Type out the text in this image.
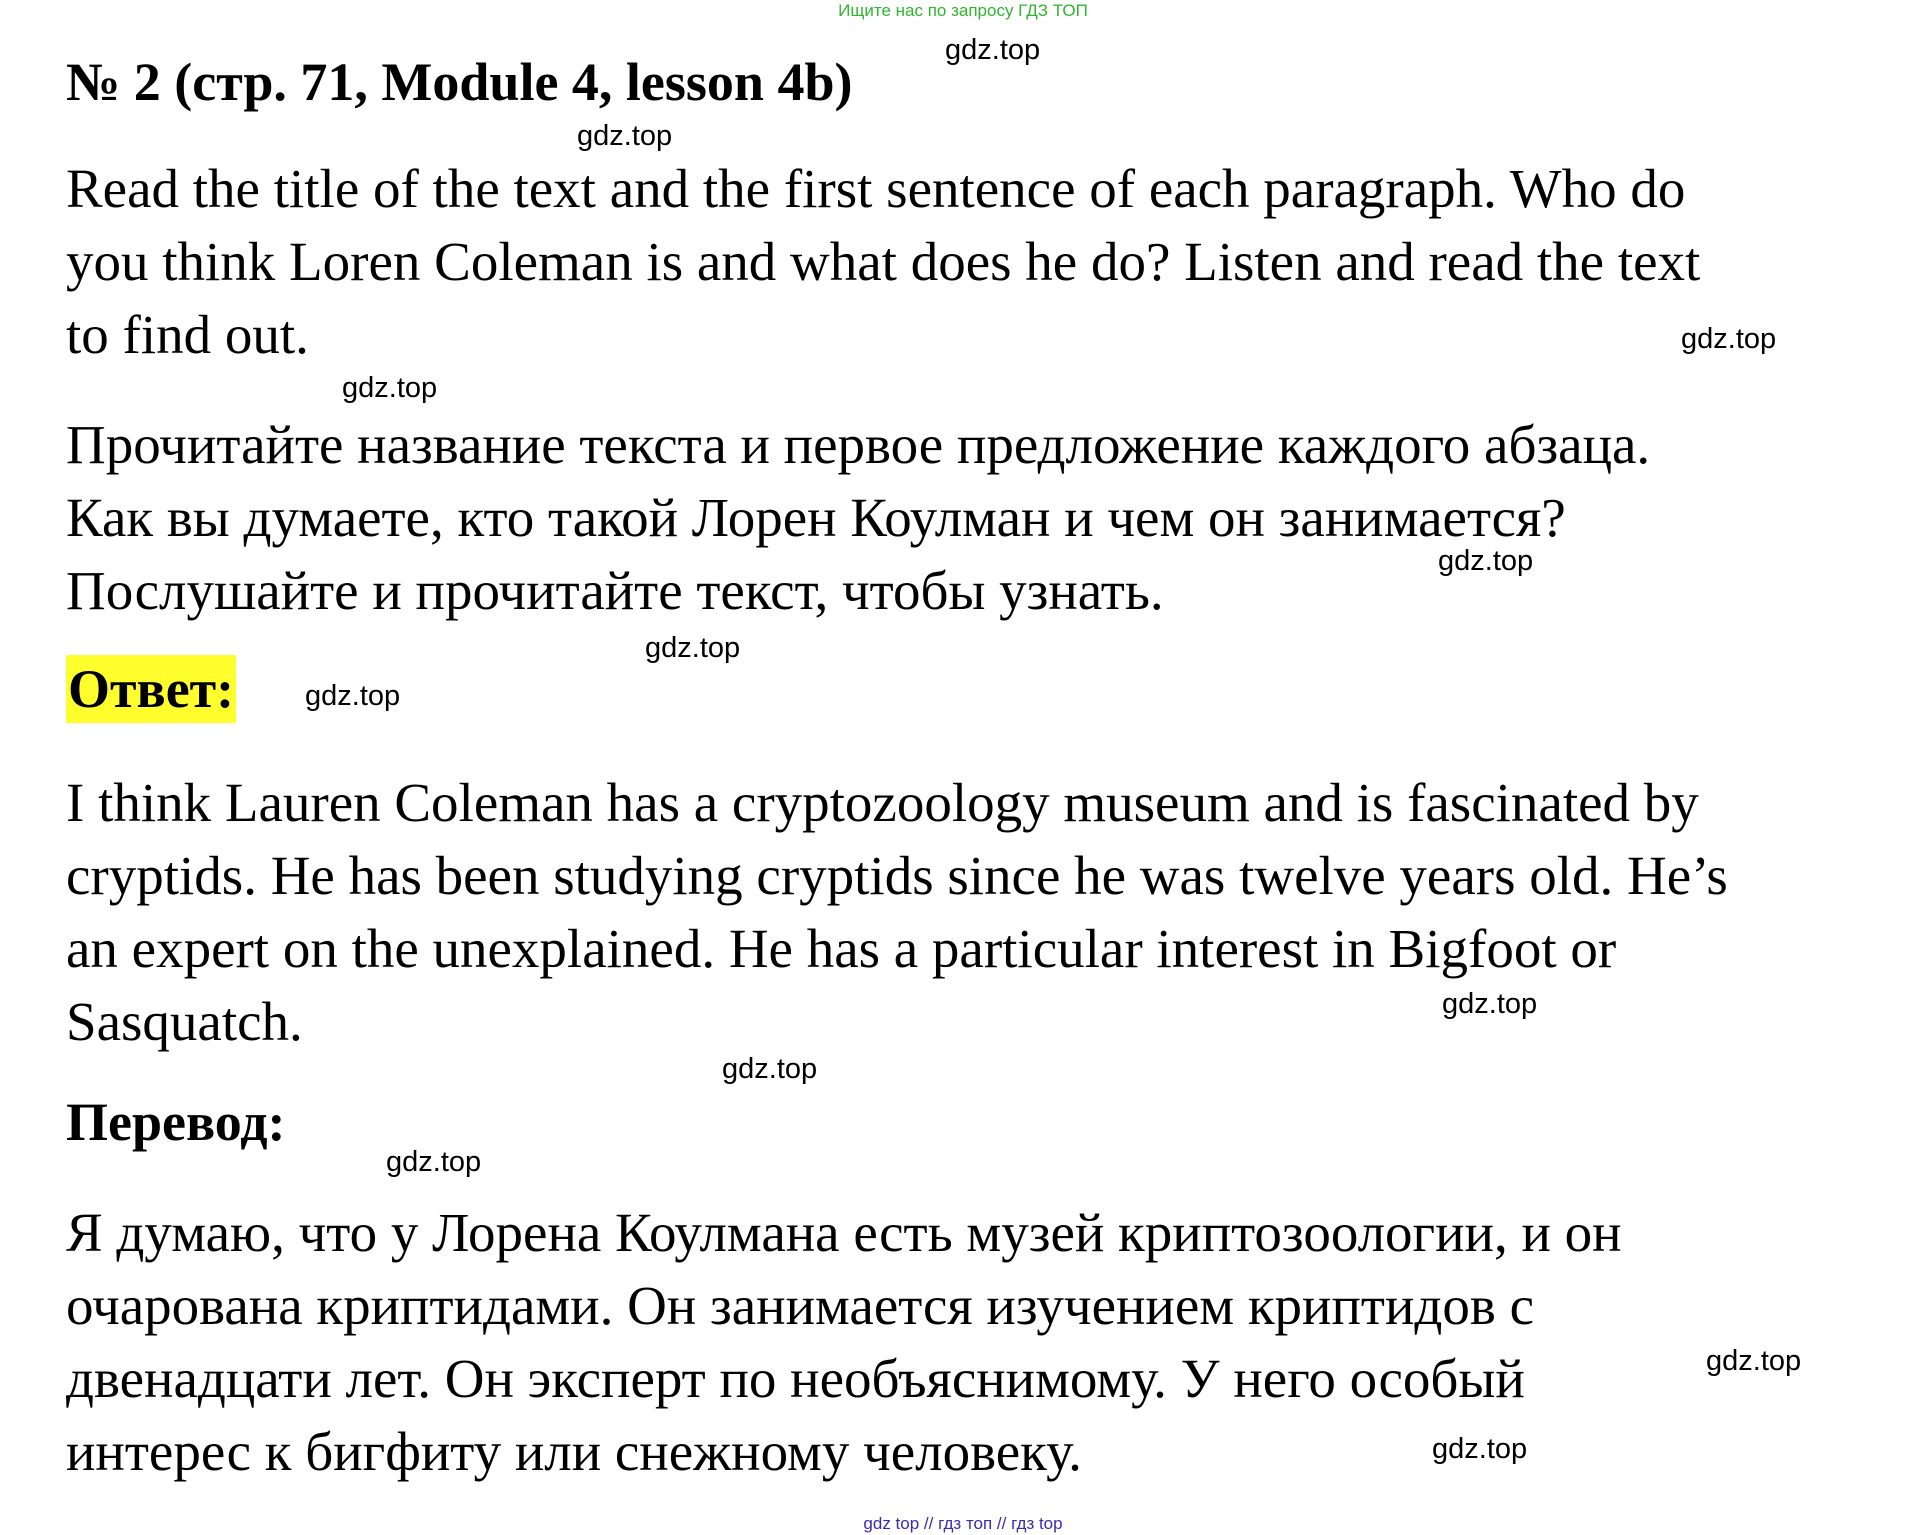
Ищите нас по запросу ГДЗ ТОП
№ 2 (стр. 71, Module 4, lesson 4b)
Read the title of the text and the first sentence of each paragraph. Who do
you think Loren Coleman is and what does he do? Listen and read the text
to find out.
Прочитайте название текста и первое предложение каждого абзаца.
Как вы думаете, кто такой Лорен Коулман и чем он занимается?
Послушайте и прочитайте текст, чтобы узнать.
Ответ:
I think Lauren Coleman has a cryptozoology museum and is fascinated by
cryptids. He has been studying cryptids since he was twelve years old. He’s
an expert on the unexplained. He has a particular interest in Bigfoot or
Sasquatch.
Перевод:
Я думаю, что у Лорена Коулмана есть музей криптозоологии, и он
очарована криптидами. Он занимается изучением криптидов с
двенадцати лет. Он эксперт по необъяснимому. У него особый
интерес к бигфиту или снежному человеку.
gdz.top
gdz.top
gdz.top
gdz.top
gdz.top
gdz.top
gdz.top
gdz.top
gdz.top
gdz.top
gdz.top
gdz.top
gdz top // гдз топ // гдз top
